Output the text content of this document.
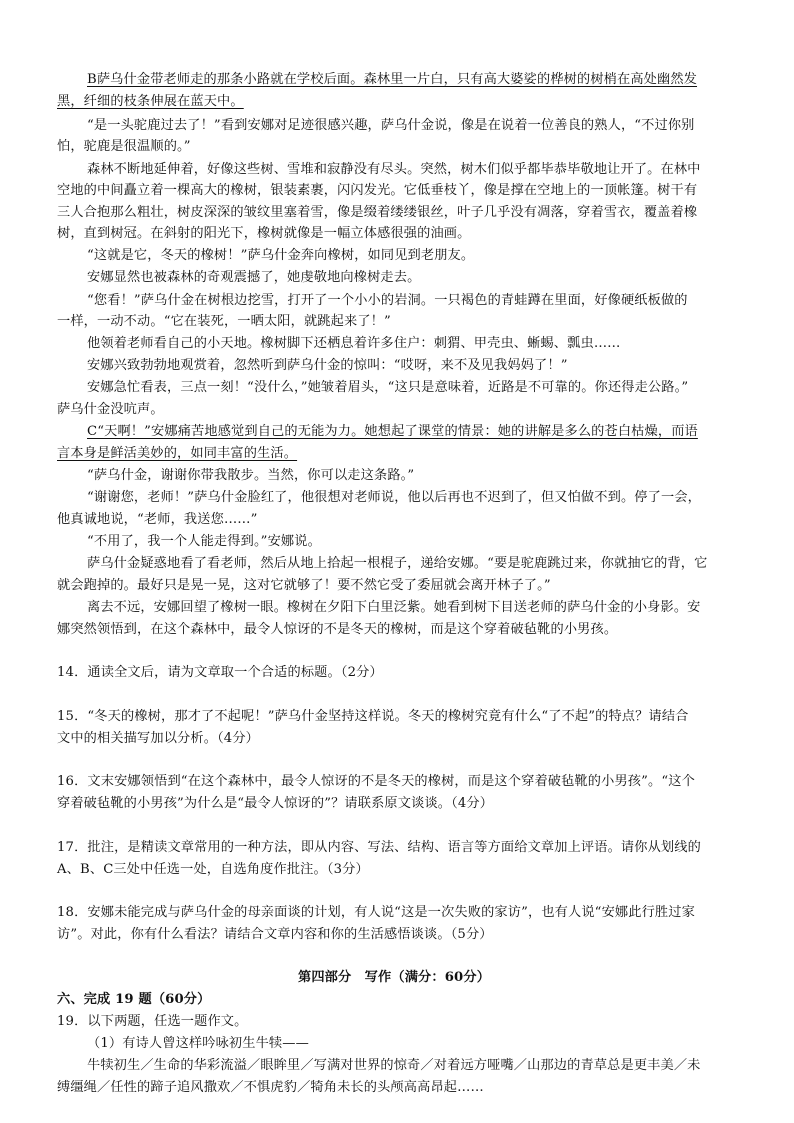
B萨乌什金带老师走的那条小路就在学校后面。森林里一片白，只有高大婆娑的桦树的树梢在高处幽然发
黑，纤细的枝条伸展在蓝天中。
“是一头驼鹿过去了！”看到安娜对足迹很感兴趣，萨乌什金说，像是在说着一位善良的熟人，“不过你别
怕，驼鹿是很温顺的。”
森林不断地延伸着，好像这些树、雪堆和寂静没有尽头。突然，树木们似乎都毕恭毕敬地让开了。在林中
空地的中间矗立着一棵高大的橡树，银装素裹，闪闪发光。它低垂枝丫，像是撑在空地上的一顶帐篷。树干有
三人合抱那么粗壮，树皮深深的皱纹里塞着雪，像是缀着缕缕银丝，叶子几乎没有凋落，穿着雪衣，覆盖着橡
树，直到树冠。在斜射的阳光下，橡树就像是一幅立体感很强的油画。
“这就是它，冬天的橡树！”萨乌什金奔向橡树，如同见到老朋友。
安娜显然也被森林的奇观震撼了，她虔敬地向橡树走去。
“您看！”萨乌什金在树根边挖雪，打开了一个小小的岩洞。一只褐色的青蛙蹲在里面，好像硬纸板做的
一样，一动不动。“它在装死，一晒太阳，就跳起来了！”
他领着老师看自己的小天地。橡树脚下还栖息着许多住户：刺猬、甲壳虫、蜥蜴、瓢虫……
安娜兴致勃勃地观赏着，忽然听到萨乌什金的惊叫：“哎呀，来不及见我妈妈了！”
安娜急忙看表，三点一刻！“没什么，”她皱着眉头，“这只是意味着，近路是不可靠的。你还得走公路。”
萨乌什金没吭声。
C“天啊！”安娜痛苦地感觉到自己的无能为力。她想起了课堂的情景：她的讲解是多么的苍白枯燥，而语
言本身是鲜活美妙的，如同丰富的生活。
“萨乌什金，谢谢你带我散步。当然，你可以走这条路。”
“谢谢您，老师！”萨乌什金脸红了，他很想对老师说，他以后再也不迟到了，但又怕做不到。停了一会，
他真诚地说，“老师，我送您……”
“不用了，我一个人能走得到。”安娜说。
萨乌什金疑惑地看了看老师，然后从地上拾起一根棍子，递给安娜。“要是驼鹿跳过来，你就抽它的背，它
就会跑掉的。最好只是晃一晃，这对它就够了！要不然它受了委屈就会离开林子了。”
离去不远，安娜回望了橡树一眼。橡树在夕阳下白里泛紫。她看到树下目送老师的萨乌什金的小身影。安
娜突然领悟到，在这个森林中，最令人惊讶的不是冬天的橡树，而是这个穿着破毡靴的小男孩。
14．通读全文后，请为文章取一个合适的标题。（2分）
15．“冬天的橡树，那才了不起呢！”萨乌什金坚持这样说。冬天的橡树究竟有什么“了不起”的特点？请结合
文中的相关描写加以分析。（4分）
16．文末安娜领悟到“在这个森林中，最令人惊讶的不是冬天的橡树，而是这个穿着破毡靴的小男孩”。“这个
穿着破毡靴的小男孩”为什么是“最令人惊讶的”？请联系原文谈谈。（4分）
17．批注，是精读文章常用的一种方法，即从内容、写法、结构、语言等方面给文章加上评语。请你从划线的
A、B、C三处中任选一处，自选角度作批注。（3分）
18．安娜未能完成与萨乌什金的母亲面谈的计划，有人说“这是一次失败的家访”，也有人说“安娜此行胜过家
访”。对此，你有什么看法？请结合文章内容和你的生活感悟谈谈。（5分）
第四部分　写作（满分：60分）
六、完成 19 题（60分）
19．以下两题，任选一题作文。
（1）有诗人曾这样吟咏初生牛犊——
牛犊初生／生命的华彩流溢／眼眸里／写满对世界的惊奇／对着远方哑嘴／山那边的青草总是更丰美／未
缚缰绳／任性的蹄子追风撒欢／不惧虎豹／犄角未长的头颅高高昂起……
